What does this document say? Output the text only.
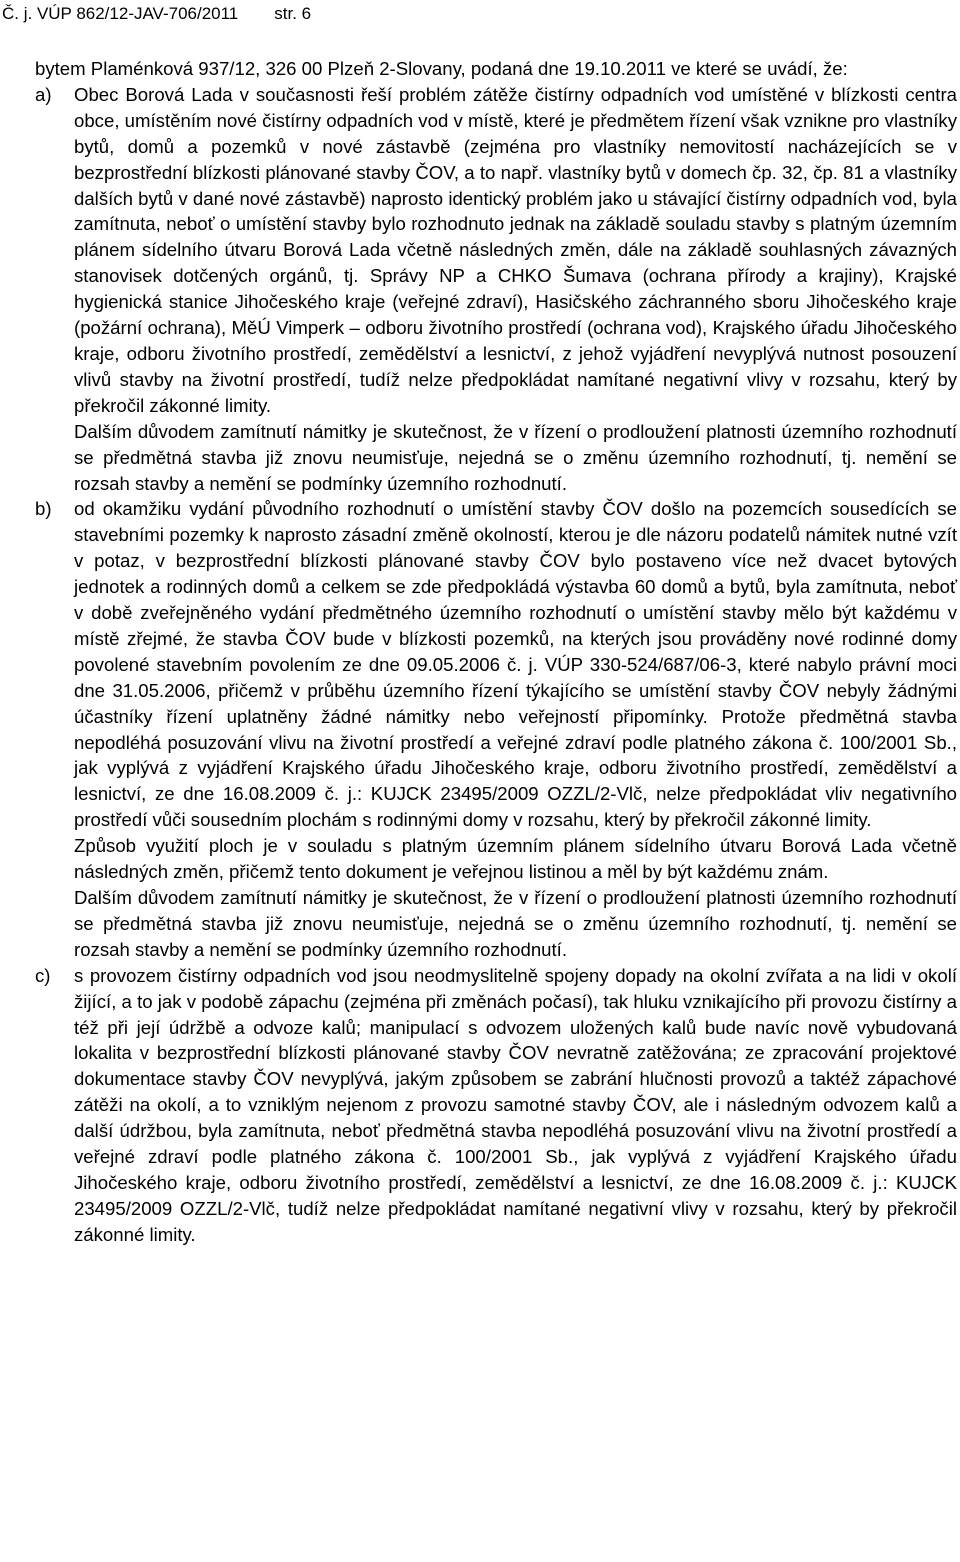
Č. j. VÚP 862/12-JAV-706/2011 str. 6

bytem Plaménková 937/12, 326 00 Plzeň 2-Slovany, podaná dne 19.10.2011 ve které se uvádí, že:

a) Obec Borová Lada v současnosti řeší problém zátěže čistírny odpadních vod umístěné v blízkosti centra obce, umístěním nové čistírny odpadních vod v místě, které je předmětem řízení však vznikne pro vlastníky bytů, domů a pozemků v nové zástavbě (zejména pro vlastníky nemovitostí nacházejících se v bezprostřední blízkosti plánované stavby ČOV, a to např. vlastníky bytů v domech čp. 32, čp. 81 a vlastníky dalších bytů v dané nové zástavbě) naprosto identický problém jako u stávající čistírny odpadních vod, byla zamítnuta, neboť o umístění stavby bylo rozhodnuto jednak na základě souladu stavby s platným územním plánem sídelního útvaru Borová Lada včetně následných změn, dále na základě souhlasných závazných stanovisek dotčených orgánů, tj. Správy NP a CHKO Šumava (ochrana přírody a krajiny), Krajské hygienická stanice Jihočeského kraje (veřejné zdraví), Hasičského záchranného sboru Jihočeského kraje (požární ochrana), MěÚ Vimperk – odboru životního prostředí (ochrana vod), Krajského úřadu Jihočeského kraje, odboru životního prostředí, zemědělství a lesnictví, z jehož vyjádření nevyplývá nutnost posouzení vlivů stavby na životní prostředí, tudíž nelze předpokládat namítané negativní vlivy v rozsahu, který by překročil zákonné limity.

Dalším důvodem zamítnutí námitky je skutečnost, že v řízení o prodloužení platnosti územního rozhodnutí se předmětná stavba již znovu neumisťuje, nejedná se o změnu územního rozhodnutí, tj. nemění se rozsah stavby a nemění se podmínky územního rozhodnutí.

b) od okamžiku vydání původního rozhodnutí o umístění stavby ČOV došlo na pozemcích sousedících se stavebními pozemky k naprosto zásadní změně okolností, kterou je dle názoru podatelů námitek nutné vzít v potaz, v bezprostřední blízkosti plánované stavby ČOV bylo postaveno více než dvacet bytových jednotek a rodinných domů a celkem se zde předpokládá výstavba 60 domů a bytů, byla zamítnuta, neboť v době zveřejněného vydání předmětného územního rozhodnutí o umístění stavby mělo být každému v místě zřejmé, že stavba ČOV bude v blízkosti pozemků, na kterých jsou prováděny nové rodinné domy povolené stavebním povolením ze dne 09.05.2006 č. j. VÚP 330-524/687/06-3, které nabylo právní moci dne 31.05.2006, přičemž v průběhu územního řízení týkajícího se umístění stavby ČOV nebyly žádnými účastníky řízení uplatněny žádné námitky nebo veřejností připomínky. Protože předmětná stavba nepodléhá posuzování vlivu na životní prostředí a veřejné zdraví podle platného zákona č. 100/2001 Sb., jak vyplývá z vyjádření Krajského úřadu Jihočeského kraje, odboru životního prostředí, zemědělství a lesnictví, ze dne 16.08.2009 č. j.: KUJCK 23495/2009 OZZL/2-Vlč, nelze předpokládat vliv negativního prostředí vůči sousedním plochám s rodinnými domy v rozsahu, který by překročil zákonné limity.

Způsob využití ploch je v souladu s platným územním plánem sídelního útvaru Borová Lada včetně následných změn, přičemž tento dokument je veřejnou listinou a měl by být každému znám.

Dalším důvodem zamítnutí námitky je skutečnost, že v řízení o prodloužení platnosti územního rozhodnutí se předmětná stavba již znovu neumisťuje, nejedná se o změnu územního rozhodnutí, tj. nemění se rozsah stavby a nemění se podmínky územního rozhodnutí.

c) s provozem čistírny odpadních vod jsou neodmyslitelně spojeny dopady na okolní zvířata a na lidi v okolí žijící, a to jak v podobě zápachu (zejména při změnách počasí), tak hluku vznikajícího při provozu čistírny a též při její údržbě a odvoze kalů; manipulací s odvozem uložených kalů bude navíc nově vybudovaná lokalita v bezprostřední blízkosti plánované stavby ČOV nevratně zatěžována; ze zpracování projektové dokumentace stavby ČOV nevyplývá, jakým způsobem se zabrání hlučnosti provozů a taktéž zápachové zátěži na okolí, a to vzniklým nejenom z provozu samotné stavby ČOV, ale i následným odvozem kalů a další údržbou, byla zamítnuta, neboť předmětná stavba nepodléhá posuzování vlivu na životní prostředí a veřejné zdraví podle platného zákona č. 100/2001 Sb., jak vyplývá z vyjádření Krajského úřadu Jihočeského kraje, odboru životního prostředí, zemědělství a lesnictví, ze dne 16.08.2009 č. j.: KUJCK 23495/2009 OZZL/2-Vlč, tudíž nelze předpokládat namítané negativní vlivy v rozsahu, který by překročil zákonné limity.
